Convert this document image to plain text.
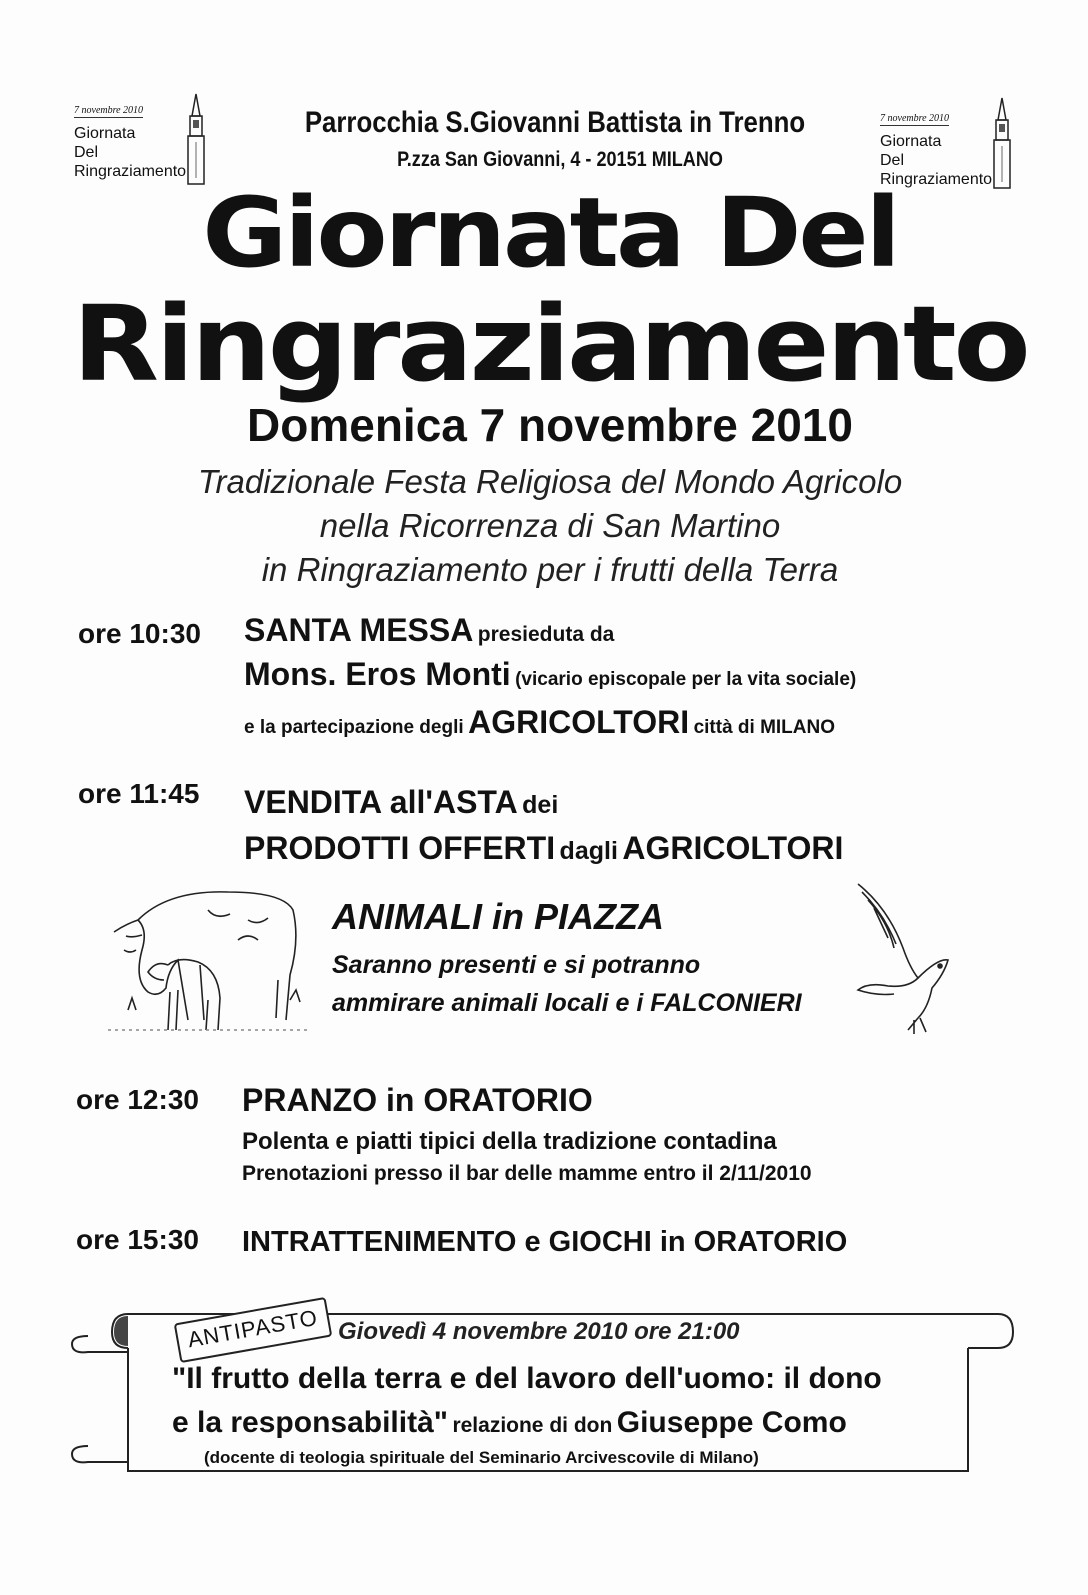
7 novembre 2010
Giornata
Del
Ringraziamento
7 novembre 2010
Giornata
Del
Ringraziamento
Parrocchia S.Giovanni Battista in Trenno
P.zza San Giovanni, 4 - 20151 MILANO
Giornata Del
Ringraziamento
Domenica 7 novembre 2010
Tradizionale Festa Religiosa del Mondo Agricolo
nella Ricorrenza di San Martino
in Ringraziamento per i frutti della Terra
ore 10:30 SANTA MESSA presieduta da
Mons. Eros Monti (vicario episcopale per la vita sociale)
e la partecipazione degli AGRICOLTORI città di MILANO
ore 11:45 VENDITA all'ASTA dei
PRODOTTI OFFERTI dagli AGRICOLTORI
ANIMALI in PIAZZA
Saranno presenti e si potranno
ammirare animali locali e i FALCONIERI
ore 12:30 PRANZO in ORATORIO
Polenta e piatti tipici della tradizione contadina
Prenotazioni presso il bar delle mamme entro il 2/11/2010
ore 15:30 INTRATTENIMENTO e GIOCHI in ORATORIO
ANTIPASTO Giovedì 4 novembre 2010 ore 21:00
"Il frutto della terra e del lavoro dell'uomo: il dono
e la responsabilità" relazione di don Giuseppe Como
(docente di teologia spirituale del Seminario Arcivescovile di Milano)
